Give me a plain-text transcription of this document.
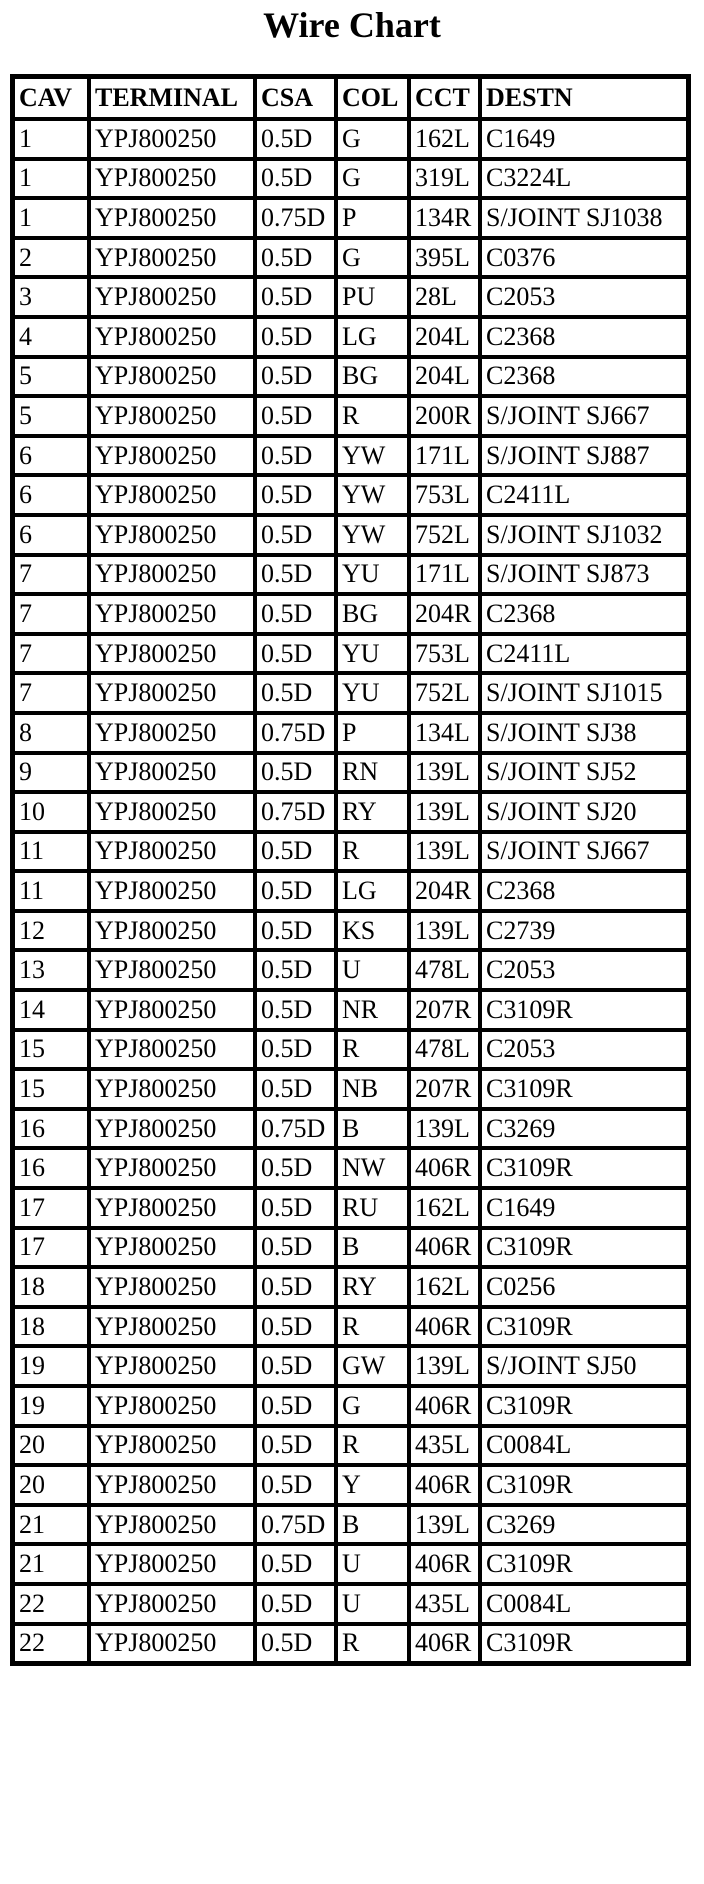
Wire Chart
CAV	TERMINAL	CSA	COL	CCT	DESTN
1	YPJ800250	0.5D	G	162L	C1649
1	YPJ800250	0.5D	G	319L	C3224L
1	YPJ800250	0.75D	P	134R	S/JOINT SJ1038
2	YPJ800250	0.5D	G	395L	C0376
3	YPJ800250	0.5D	PU	28L	C2053
4	YPJ800250	0.5D	LG	204L	C2368
5	YPJ800250	0.5D	BG	204L	C2368
5	YPJ800250	0.5D	R	200R	S/JOINT SJ667
6	YPJ800250	0.5D	YW	171L	S/JOINT SJ887
6	YPJ800250	0.5D	YW	753L	C2411L
6	YPJ800250	0.5D	YW	752L	S/JOINT SJ1032
7	YPJ800250	0.5D	YU	171L	S/JOINT SJ873
7	YPJ800250	0.5D	BG	204R	C2368
7	YPJ800250	0.5D	YU	753L	C2411L
7	YPJ800250	0.5D	YU	752L	S/JOINT SJ1015
8	YPJ800250	0.75D	P	134L	S/JOINT SJ38
9	YPJ800250	0.5D	RN	139L	S/JOINT SJ52
10	YPJ800250	0.75D	RY	139L	S/JOINT SJ20
11	YPJ800250	0.5D	R	139L	S/JOINT SJ667
11	YPJ800250	0.5D	LG	204R	C2368
12	YPJ800250	0.5D	KS	139L	C2739
13	YPJ800250	0.5D	U	478L	C2053
14	YPJ800250	0.5D	NR	207R	C3109R
15	YPJ800250	0.5D	R	478L	C2053
15	YPJ800250	0.5D	NB	207R	C3109R
16	YPJ800250	0.75D	B	139L	C3269
16	YPJ800250	0.5D	NW	406R	C3109R
17	YPJ800250	0.5D	RU	162L	C1649
17	YPJ800250	0.5D	B	406R	C3109R
18	YPJ800250	0.5D	RY	162L	C0256
18	YPJ800250	0.5D	R	406R	C3109R
19	YPJ800250	0.5D	GW	139L	S/JOINT SJ50
19	YPJ800250	0.5D	G	406R	C3109R
20	YPJ800250	0.5D	R	435L	C0084L
20	YPJ800250	0.5D	Y	406R	C3109R
21	YPJ800250	0.75D	B	139L	C3269
21	YPJ800250	0.5D	U	406R	C3109R
22	YPJ800250	0.5D	U	435L	C0084L
22	YPJ800250	0.5D	R	406R	C3109R
